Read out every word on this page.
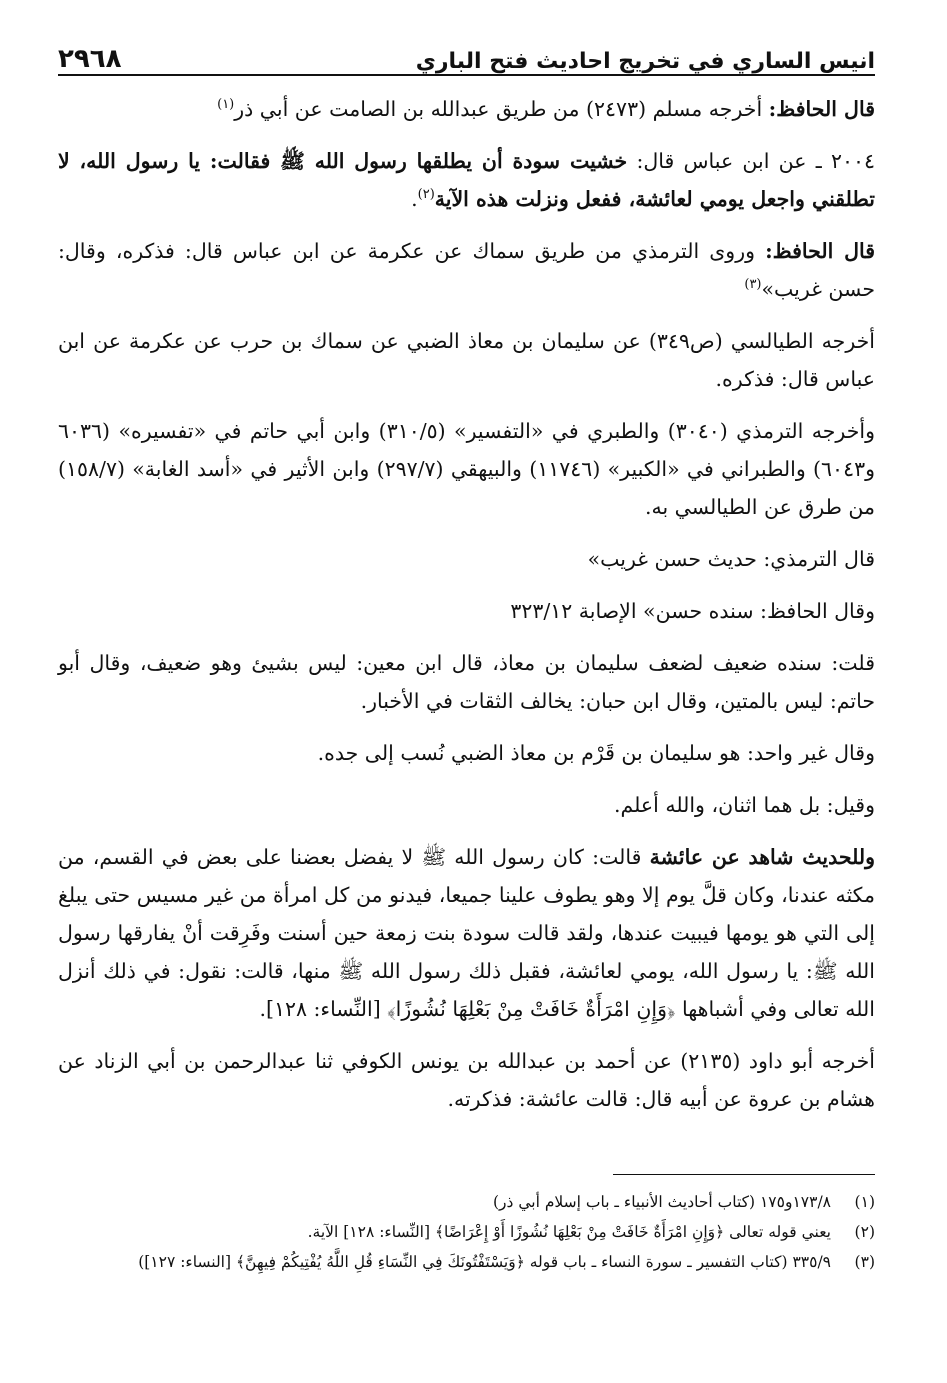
انيس الساري في تخريج احاديث فتح الباري
٢٩٦٨

قال الحافظ: أخرجه مسلم (٢٤٧٣) من طريق عبدالله بن الصامت عن أبي ذر$^{(١)}$

٢٠٠٤ ـ عن ابن عباس قال: خشيت سودة أن يطلقها رسول الله ﷺ فقالت: يا رسول الله، لا تطلقني واجعل يومي لعائشة، ففعل ونزلت هذه الآية$^{(٢)}$.

قال الحافظ: وروى الترمذي من طريق سماك عن عكرمة عن ابن عباس قال: فذكره، وقال: حسن غريب»$^{(٣)}$

أخرجه الطيالسي (ص٣٤٩) عن سليمان بن معاذ الضبي عن سماك بن حرب عن عكرمة عن ابن عباس قال: فذكره.

وأخرجه الترمذي (٣٠٤٠) والطبري في «التفسير» (٣١٠/٥) وابن أبي حاتم في «تفسيره» (٦٠٣٦ و٦٠٤٣) والطبراني في «الكبير» (١١٧٤٦) والبيهقي (٢٩٧/٧) وابن الأثير في «أسد الغابة» (١٥٨/٧) من طرق عن الطيالسي به.

قال الترمذي: حديث حسن غريب»

وقال الحافظ: سنده حسن» الإصابة ٣٢٣/١٢

قلت: سنده ضعيف لضعف سليمان بن معاذ، قال ابن معين: ليس بشيئ وهو ضعيف، وقال أبو حاتم: ليس بالمتين، وقال ابن حبان: يخالف الثقات في الأخبار.

وقال غير واحد: هو سليمان بن قَرْم بن معاذ الضبي نُسب إلى جده.

وقيل: بل هما اثنان، والله أعلم.

وللحديث شاهد عن عائشة قالت: كان رسول الله ﷺ لا يفضل بعضنا على بعض في القسم، من مكثه عندنا، وكان قلَّ يوم إلا وهو يطوف علينا جميعا، فيدنو من كل امرأة من غير مسيس حتى يبلغ إلى التي هو يومها فيبيت عندها، ولقد قالت سودة بنت زمعة حين أسنت وفَرِقت أنْ يفارقها رسول الله ﷺ: يا رسول الله، يومي لعائشة، فقبل ذلك رسول الله ﷺ منها، قالت: نقول: في ذلك أنزل الله تعالى وفي أشباهها ﴿وَإِنِ امْرَأَةٌ خَافَتْ مِنْ بَعْلِهَا نُشُوزًا﴾ [النِّساء: ١٢٨].

أخرجه أبو داود (٢١٣٥) عن أحمد بن عبدالله بن يونس الكوفي ثنا عبدالرحمن بن أبي الزناد عن هشام بن عروة عن أبيه قال: قالت عائشة: فذكرته.

(١)
١٧٣/٨و١٧٥ (كتاب أحاديث الأنبياء ـ باب إسلام أبي ذر)
(٢)
يعني قوله تعالى ﴿وَإِنِ امْرَأَةٌ خَافَتْ مِنْ بَعْلِهَا نُشُوزًا أَوْ إِعْرَاضًا﴾ [النِّساء: ١٢٨] الآية.
(٣)
٣٣٥/٩ (كتاب التفسير ـ سورة النساء ـ باب قوله ﴿وَيَسْتَفْتُونَكَ فِي النِّسَاءِ قُلِ اللَّهُ يُفْتِيكُمْ فِيهِنَّ﴾ [النساء: ١٢٧])
